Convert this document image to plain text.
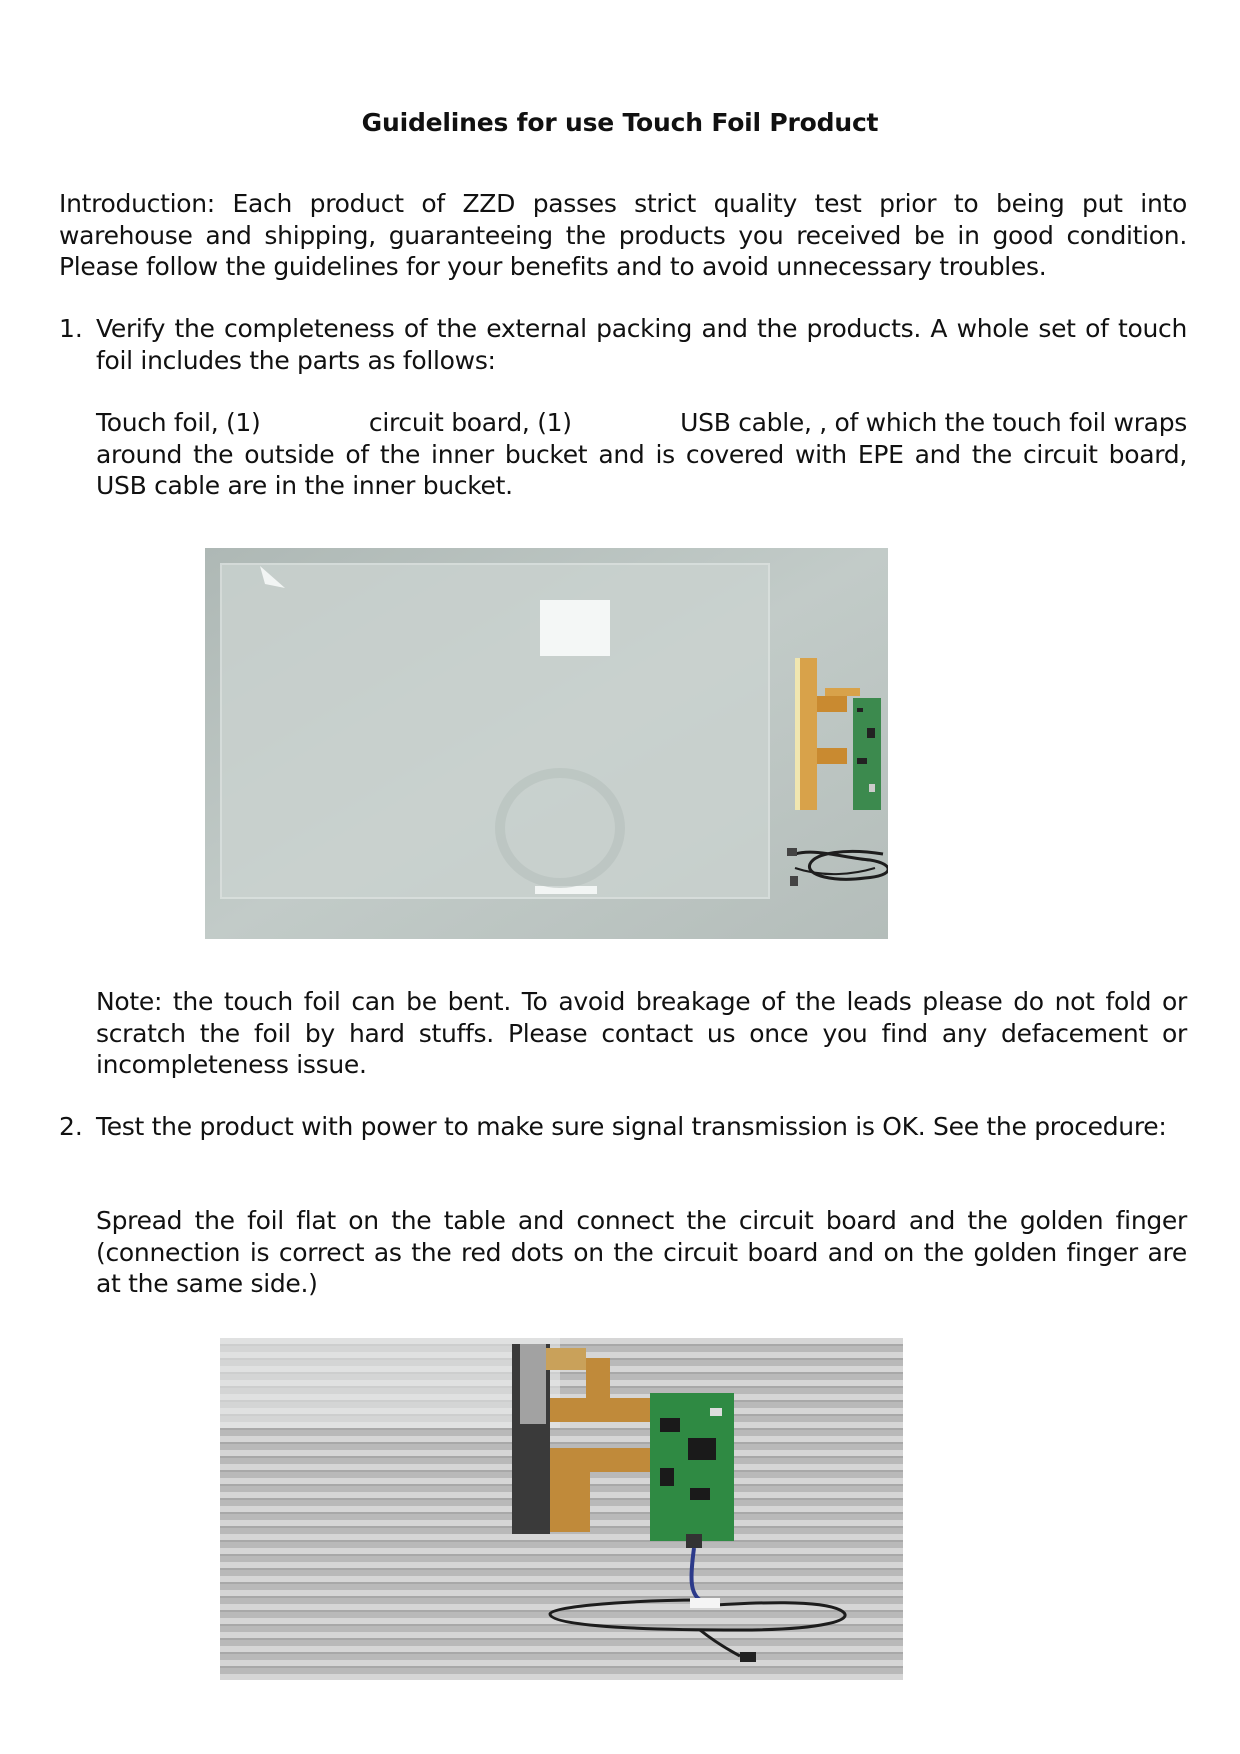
Guidelines for use Touch Foil Product
Introduction: Each product of ZZD passes strict quality test prior to being put into warehouse and shipping, guaranteeing the products you received be in good condition. Please follow the guidelines for your benefits and to avoid unnecessary troubles.
1. Verify the completeness of the external packing and the products. A whole set of touch foil includes the parts as follows:
Touch foil, (1)	circuit board, (1)	USB cable, , of which the touch foil wraps
around the outside of the inner bucket and is covered with EPE and the circuit board, USB cable are in the inner bucket.
Note: the touch foil can be bent. To avoid breakage of the leads please do not fold or scratch the foil by hard stuffs. Please contact us once you find any defacement or incompleteness issue.
2. Test the product with power to make sure signal transmission is OK. See the procedure:
Spread the foil flat on the table and connect the circuit board and the golden finger (connection is correct as the red dots on the circuit board and on the golden finger are at the same side.)
